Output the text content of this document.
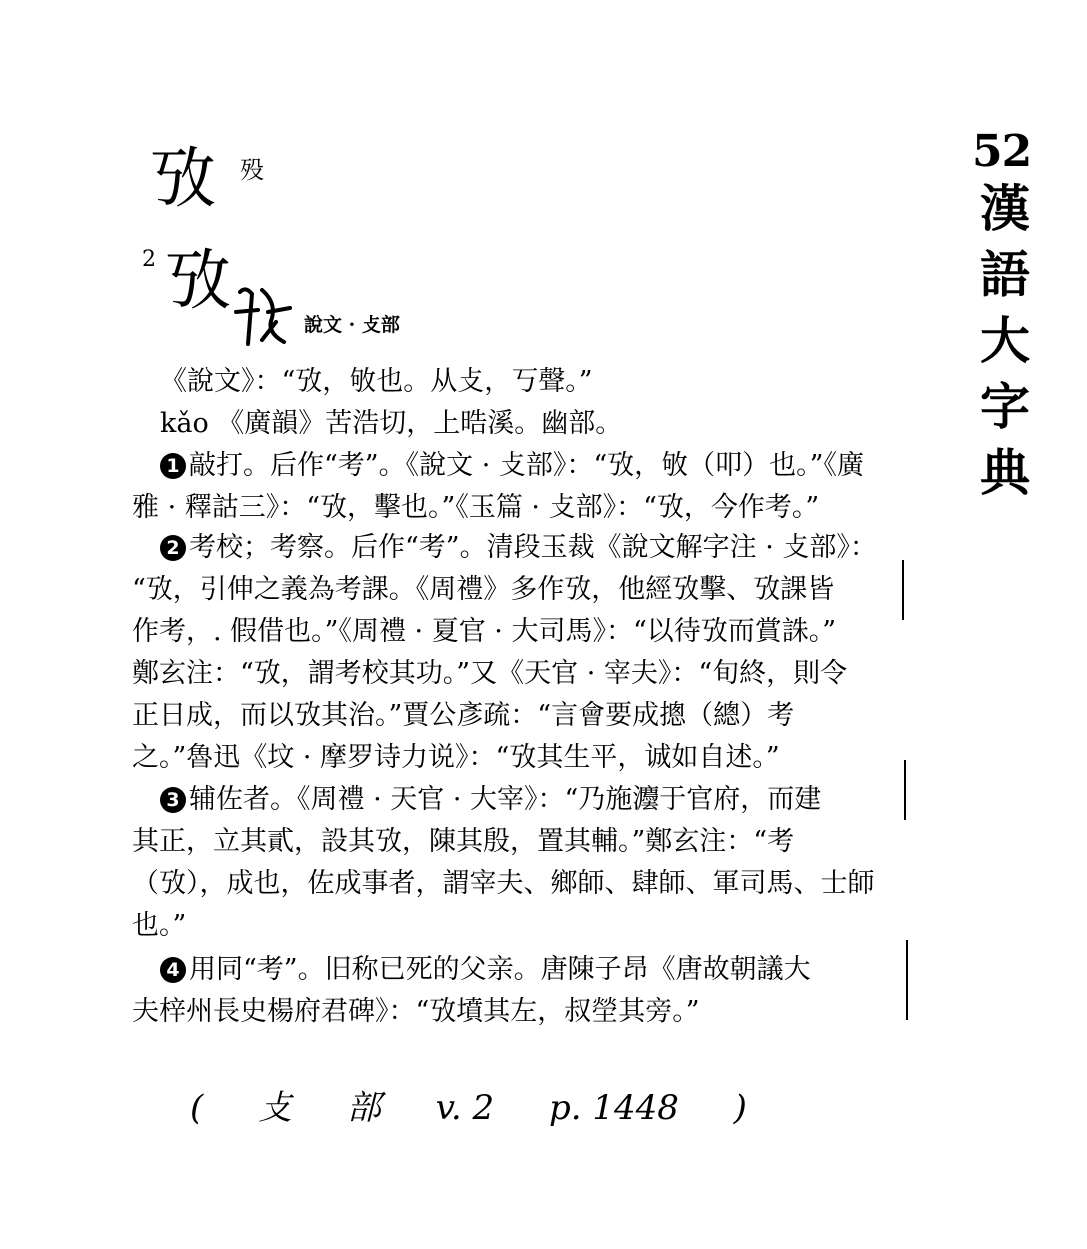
52
漢
語
大
字
典
攷 殁
2 攷
說文 · 攴部
《說文》：“攷，敂也。从攴，丂聲。”
kǎo 《廣韻》苦浩切，上晧溪。幽部。
1 敲打。后作“考”。《說文 · 攴部》：“攷，敂（叩）也。”《廣
雅 · 釋詁三》：“攷，擊也。”《玉篇 · 攴部》：“攷，今作考。”
2 考校；考察。后作“考”。清段玉裁《說文解字注 · 攴部》：
“攷，引伸之義為考課。《周禮》多作攷，他經攷擊、攷課皆
作考，. 假借也。”《周禮 · 夏官 · 大司馬》：“以待攷而賞誅。”
鄭玄注：“攷，謂考校其功。”又《天官 · 宰夫》：“旬終，則令
正日成，而以攷其治。”賈公彥疏：“言會要成摠（總）考
之。”魯迅《坟 · 摩罗诗力说》：“攷其生平，诚如自述。”
3 辅佐者。《周禮 · 天官 · 大宰》：“乃施灋于官府，而建
其正，立其貳，設其攷，陳其殷，置其輔。”鄭玄注：“考
（攷），成也，佐成事者，謂宰夫、鄉師、肆師、軍司馬、士師
也。”
4 用同“考”。旧称已死的父亲。唐陳子昂《唐故朝議大
夫梓州長史楊府君碑》：“攷墳其左，叔塋其旁。”
( 攴 部 v. 2 p. 1448 )
